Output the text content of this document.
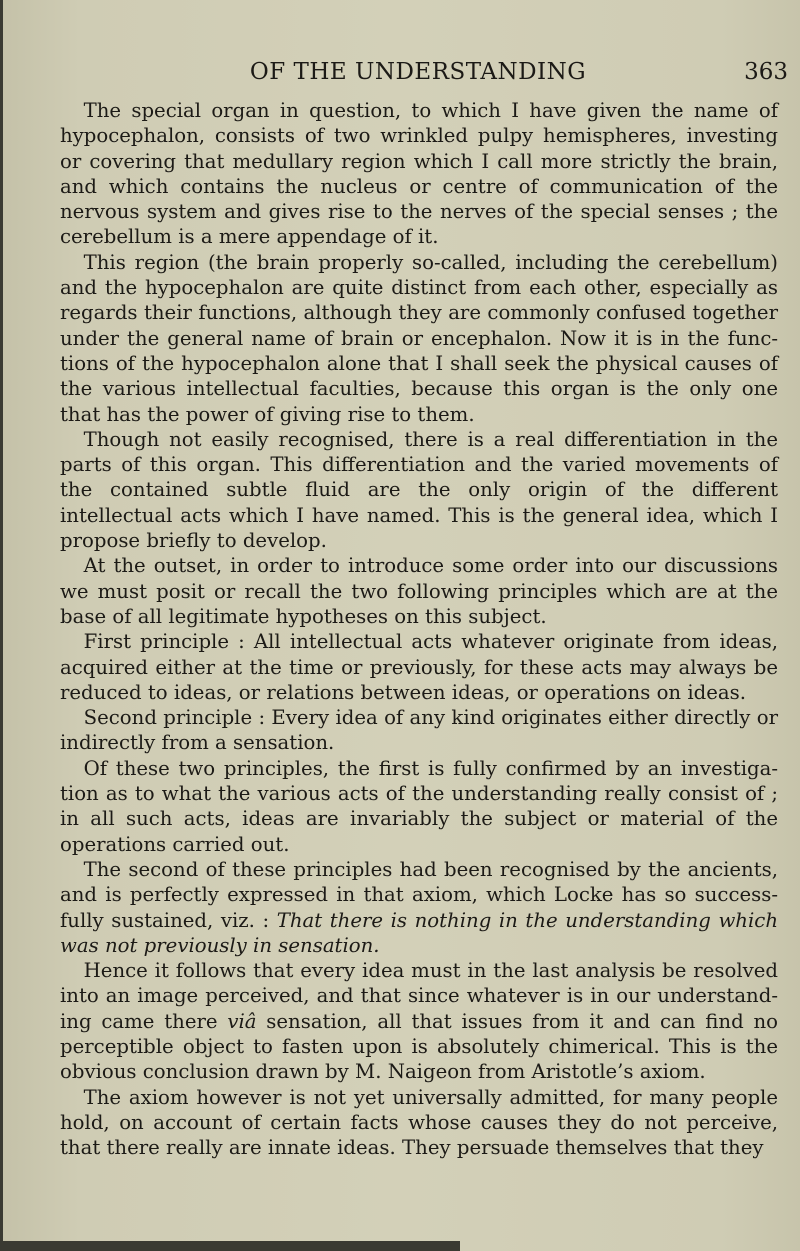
OF THE UNDERSTANDING	363

The special organ in question, to which I have given the name of hypocephalon, consists of two wrinkled pulpy hemispheres, investing or covering that medullary region which I call more strictly the brain, and which contains the nucleus or centre of communication of the nervous system and gives rise to the nerves of the special senses ; the cerebellum is a mere appendage of it.

This region (the brain properly so-called, including the cerebellum) and the hypocephalon are quite distinct from each other, especially as regards their functions, although they are commonly confused together under the general name of brain or encephalon. Now it is in the functions of the hypocephalon alone that I shall seek the physical causes of the various intellectual faculties, because this organ is the only one that has the power of giving rise to them.

Though not easily recognised, there is a real differentiation in the parts of this organ. This differentiation and the varied movements of the contained subtle fluid are the only origin of the different intellectual acts which I have named. This is the general idea, which I propose briefly to develop.

At the outset, in order to introduce some order into our discussions we must posit or recall the two following principles which are at the base of all legitimate hypotheses on this subject.

First principle : All intellectual acts whatever originate from ideas, acquired either at the time or previously, for these acts may always be reduced to ideas, or relations between ideas, or operations on ideas.

Second principle : Every idea of any kind originates either directly or indirectly from a sensation.

Of these two principles, the first is fully confirmed by an investigation as to what the various acts of the understanding really consist of ; in all such acts, ideas are invariably the subject or material of the operations carried out.

The second of these principles had been recognised by the ancients, and is perfectly expressed in that axiom, which Locke has so successfully sustained, viz. : That there is nothing in the understanding which was not previously in sensation.

Hence it follows that every idea must in the last analysis be resolved into an image perceived, and that since whatever is in our understanding came there viâ sensation, all that issues from it and can find no perceptible object to fasten upon is absolutely chimerical. This is the obvious conclusion drawn by M. Naigeon from Aristotle’s axiom.

The axiom however is not yet universally admitted, for many people hold, on account of certain facts whose causes they do not perceive, that there really are innate ideas. They persuade themselves that they
